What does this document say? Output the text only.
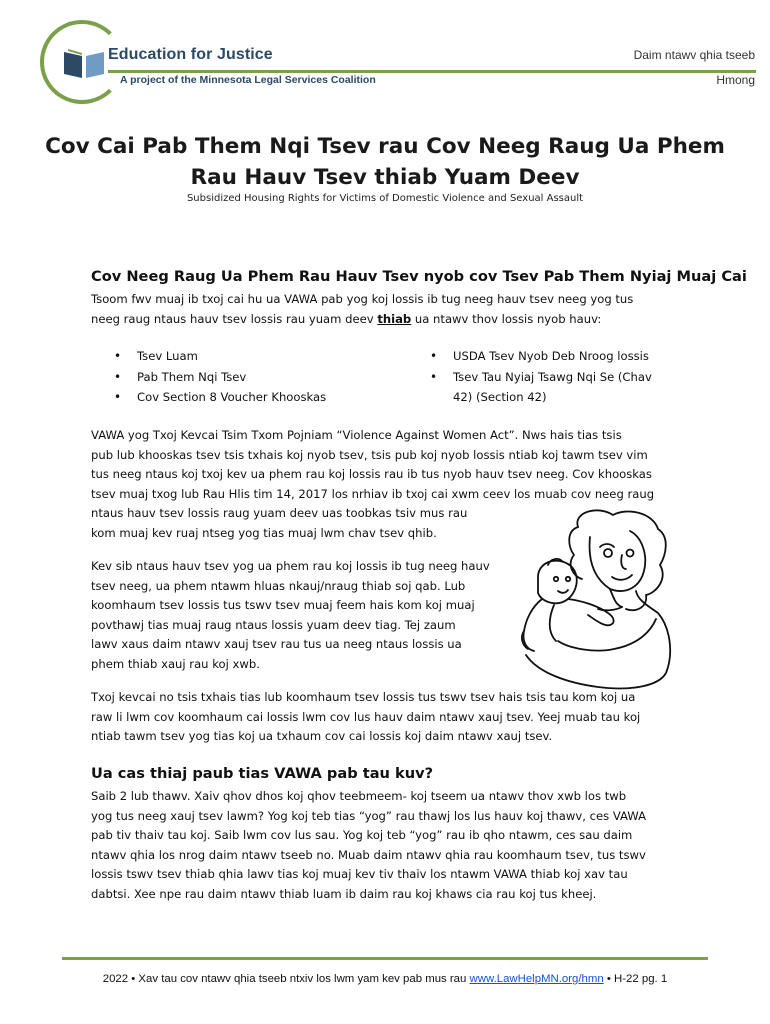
Education for Justice
A project of the Minnesota Legal Services Coalition
Daim ntawv qhia tseeb
Hmong
Cov Cai Pab Them Nqi Tsev rau Cov Neeg Raug Ua Phem
Rau Hauv Tsev thiab Yuam Deev
Subsidized Housing Rights for Victims of Domestic Violence and Sexual Assault
Cov Neeg Raug Ua Phem Rau Hauv Tsev nyob cov Tsev Pab Them Nyiaj Muaj Cai

Tsoom fwv muaj ib txoj cai hu ua VAWA pab yog koj lossis ib tug neeg hauv tsev neeg yog tus

neeg raug ntaus hauv tsev lossis rau yuam deev thiab ua ntawv thov lossis nyob hauv:

• Tsev Luam
• Pab Them Nqi Tsev
• Cov Section 8 Voucher Khooskas
• USDA Tsev Nyob Deb Nroog lossis
• Tsev Tau Nyiaj Tsawg Nqi Se (Chav
42) (Section 42)

VAWA yog Txoj Kevcai Tsim Txom Pojniam “Violence Against Women Act”. Nws hais tias tsis

pub lub khooskas tsev tsis txhais koj nyob tsev, tsis pub koj nyob lossis ntiab koj tawm tsev vim

tus neeg ntaus koj txoj kev ua phem rau koj lossis rau ib tus nyob hauv tsev neeg. Cov khooskas

tsev muaj txog lub Rau Hlis tim 14, 2017 los nrhiav ib txoj cai xwm ceev los muab cov neeg raug

ntaus hauv tsev lossis raug yuam deev uas toobkas tsiv mus rau

kom muaj kev ruaj ntseg yog tias muaj lwm chav tsev qhib.

Kev sib ntaus hauv tsev yog ua phem rau koj lossis ib tug neeg hauv

tsev neeg, ua phem ntawm hluas nkauj/nraug thiab soj qab. Lub

koomhaum tsev lossis tus tswv tsev muaj feem hais kom koj muaj

povthawj tias muaj raug ntaus lossis yuam deev tiag. Tej zaum

lawv xaus daim ntawv xauj tsev rau tus ua neeg ntaus lossis ua

phem thiab xauj rau koj xwb.

Txoj kevcai no tsis txhais tias lub koomhaum tsev lossis tus tswv tsev hais tsis tau kom koj ua

raw li lwm cov koomhaum cai lossis lwm cov lus hauv daim ntawv xauj tsev. Yeej muab tau koj

ntiab tawm tsev yog tias koj ua txhaum cov cai lossis koj daim ntawv xauj tsev.

Ua cas thiaj paub tias VAWA pab tau kuv?

Saib 2 lub thawv. Xaiv qhov dhos koj qhov teebmeem- koj tseem ua ntawv thov xwb los twb

yog tus neeg xauj tsev lawm? Yog koj teb tias “yog” rau thawj los lus hauv koj thawv, ces VAWA

pab tiv thaiv tau koj. Saib lwm cov lus sau. Yog koj teb “yog” rau ib qho ntawm, ces sau daim

ntawv qhia los nrog daim ntawv tseeb no. Muab daim ntawv qhia rau koomhaum tsev, tus tswv

lossis tswv tsev thiab qhia lawv tias koj muaj kev tiv thaiv los ntawm VAWA thiab koj xav tau

dabtsi. Xee npe rau daim ntawv thiab luam ib daim rau koj khaws cia rau koj tus kheej.

2022 • Xav tau cov ntawv qhia tseeb ntxiv los lwm yam kev pab mus rau www.LawHelpMN.org/hmn • H-22 pg. 1
